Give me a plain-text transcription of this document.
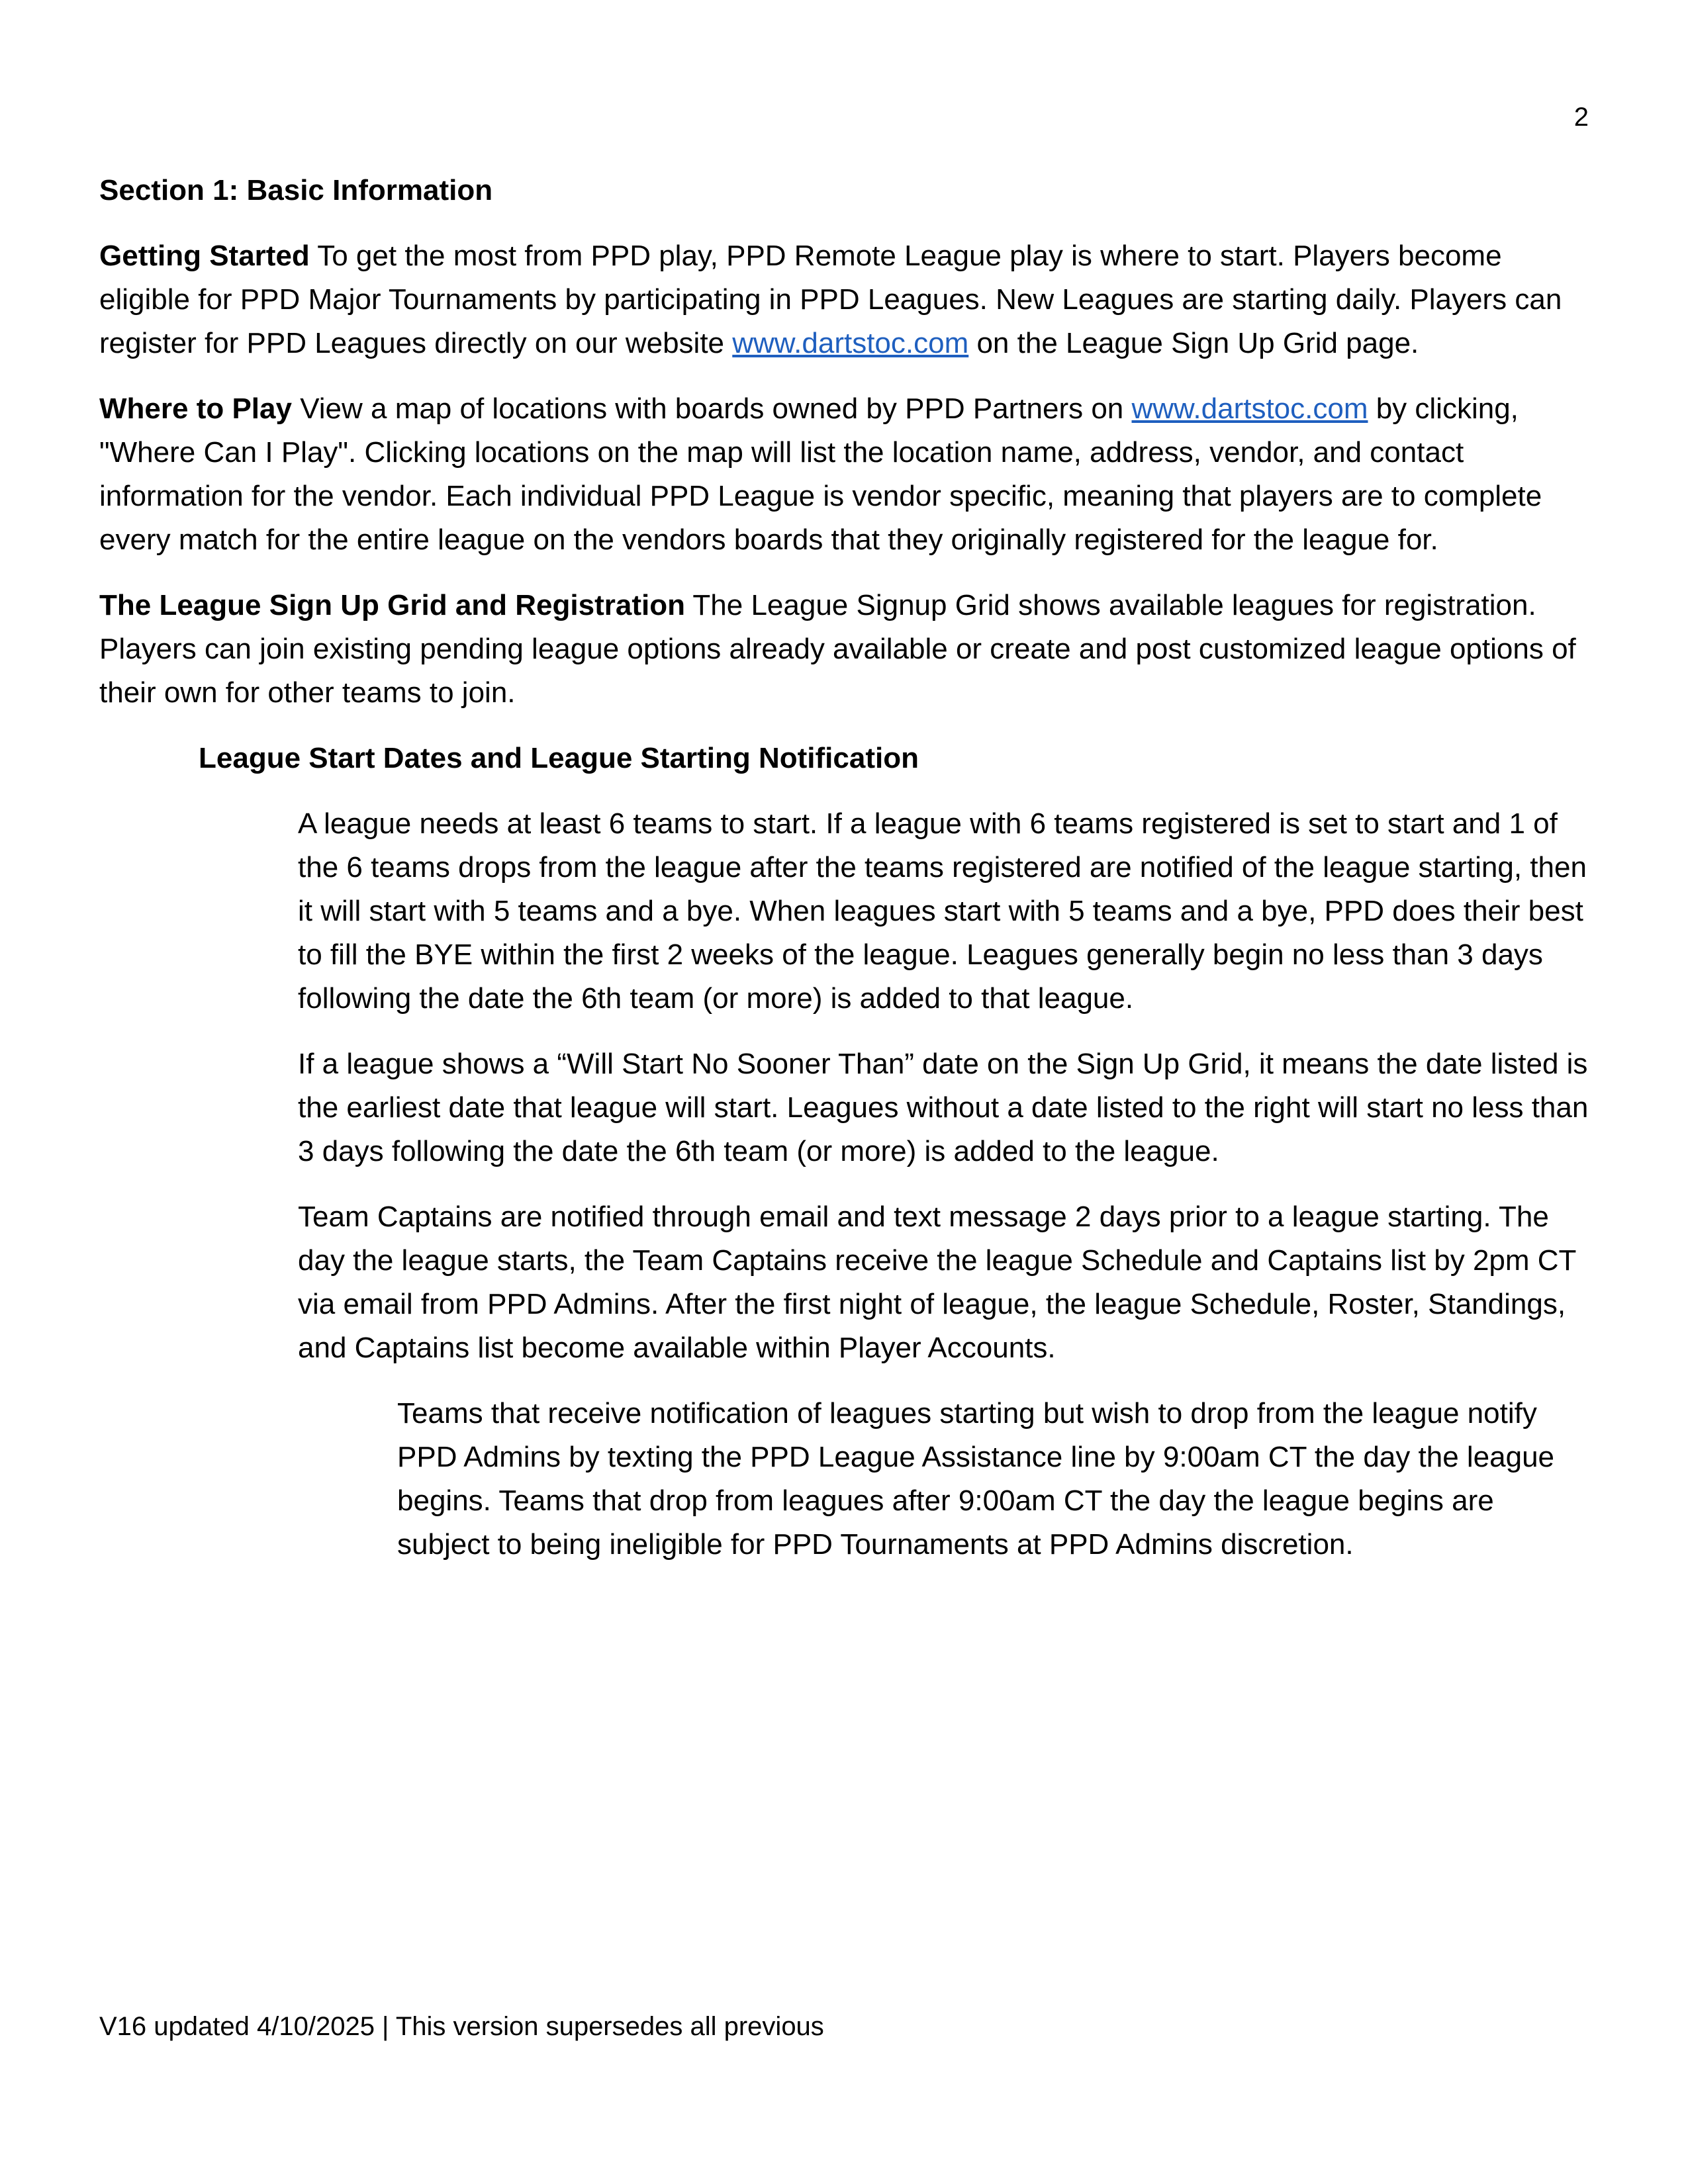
2
Section 1: Basic Information

Getting Started To get the most from PPD play, PPD Remote League play is where to start. Players become eligible for PPD Major Tournaments by participating in PPD Leagues. New Leagues are starting daily. Players can register for PPD Leagues directly on our website www.dartstoc.com on the League Sign Up Grid page.

Where to Play View a map of locations with boards owned by PPD Partners on www.dartstoc.com by clicking, "Where Can I Play". Clicking locations on the map will list the location name, address, vendor, and contact information for the vendor. Each individual PPD League is vendor specific, meaning that players are to complete every match for the entire league on the vendors boards that they originally registered for the league for.

The League Sign Up Grid and Registration The League Signup Grid shows available leagues for registration. Players can join existing pending league options already available or create and post customized league options of their own for other teams to join.

League Start Dates and League Starting Notification

A league needs at least 6 teams to start. If a league with 6 teams registered is set to start and 1 of the 6 teams drops from the league after the teams registered are notified of the league starting, then it will start with 5 teams and a bye. When leagues start with 5 teams and a bye, PPD does their best to fill the BYE within the first 2 weeks of the league. Leagues generally begin no less than 3 days following the date the 6th team (or more) is added to that league.

If a league shows a “Will Start No Sooner Than” date on the Sign Up Grid, it means the date listed is the earliest date that league will start. Leagues without a date listed to the right will start no less than 3 days following the date the 6th team (or more) is added to the league.

Team Captains are notified through email and text message 2 days prior to a league starting. The day the league starts, the Team Captains receive the league Schedule and Captains list by 2pm CT via email from PPD Admins. After the first night of league, the league Schedule, Roster, Standings, and Captains list become available within Player Accounts.

Teams that receive notification of leagues starting but wish to drop from the league notify PPD Admins by texting the PPD League Assistance line by 9:00am CT the day the league begins. Teams that drop from leagues after 9:00am CT the day the league begins are subject to being ineligible for PPD Tournaments at PPD Admins discretion.

V16 updated 4/10/2025 | This version supersedes all previous
